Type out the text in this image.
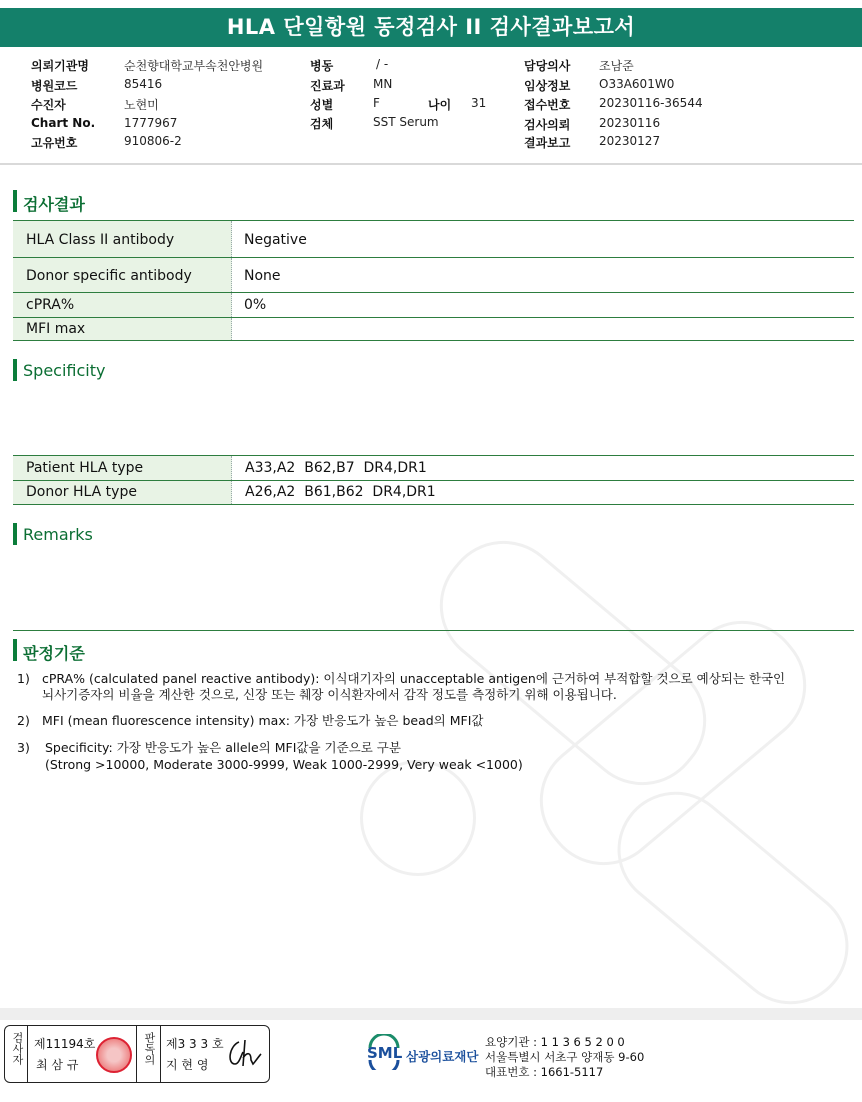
HLA 단일항원 동정검사 II 검사결과보고서
의뢰기관명	순천향대학교부속천안병원
병원코드	85416
수진자	노현미
Chart No. 1777967
고유번호	910806-2
병동	/ -
진료과 MN
성별	F	나이 31
검체	SST Serum
담당의사 조남준
임상정보 O33A601W0
접수번호 20230116-36544
검사의뢰 20230116
결과보고 20230127
검사결과
HLA Class II antibody	Negative
Donor specific antibody	None
cPRA%	0%
MFI max
Specificity
Patient HLA type	A33,A2  B62,B7  DR4,DR1
Donor HLA type	A26,A2  B61,B62  DR4,DR1
Remarks
판정기준
1) cPRA% (calculated panel reactive antibody): 이식대기자의 unacceptable antigen에 근거하여 부적합할 것으로 예상되는 한국인
뇌사기증자의 비율을 계산한 것으로, 신장 또는 췌장 이식환자에서 감작 정도를 측정하기 위해 이용됩니다.
2) MFI (mean fluorescence intensity) max: 가장 반응도가 높은 bead의 MFI값
3) Specificity: 가장 반응도가 높은 allele의 MFI값을 기준으로 구분
(Strong >10000, Moderate 3000-9999, Weak 1000-2999, Very weak <1000)
검사자 제11194호
최 삼 규	판독의 제3 3 3 호
지 현 영
SML 삼광의료재단
요양기관 : 1 1 3 6 5 2 0 0
서울특별시 서초구 양재동 9-60
대표번호 : 1661-5117
